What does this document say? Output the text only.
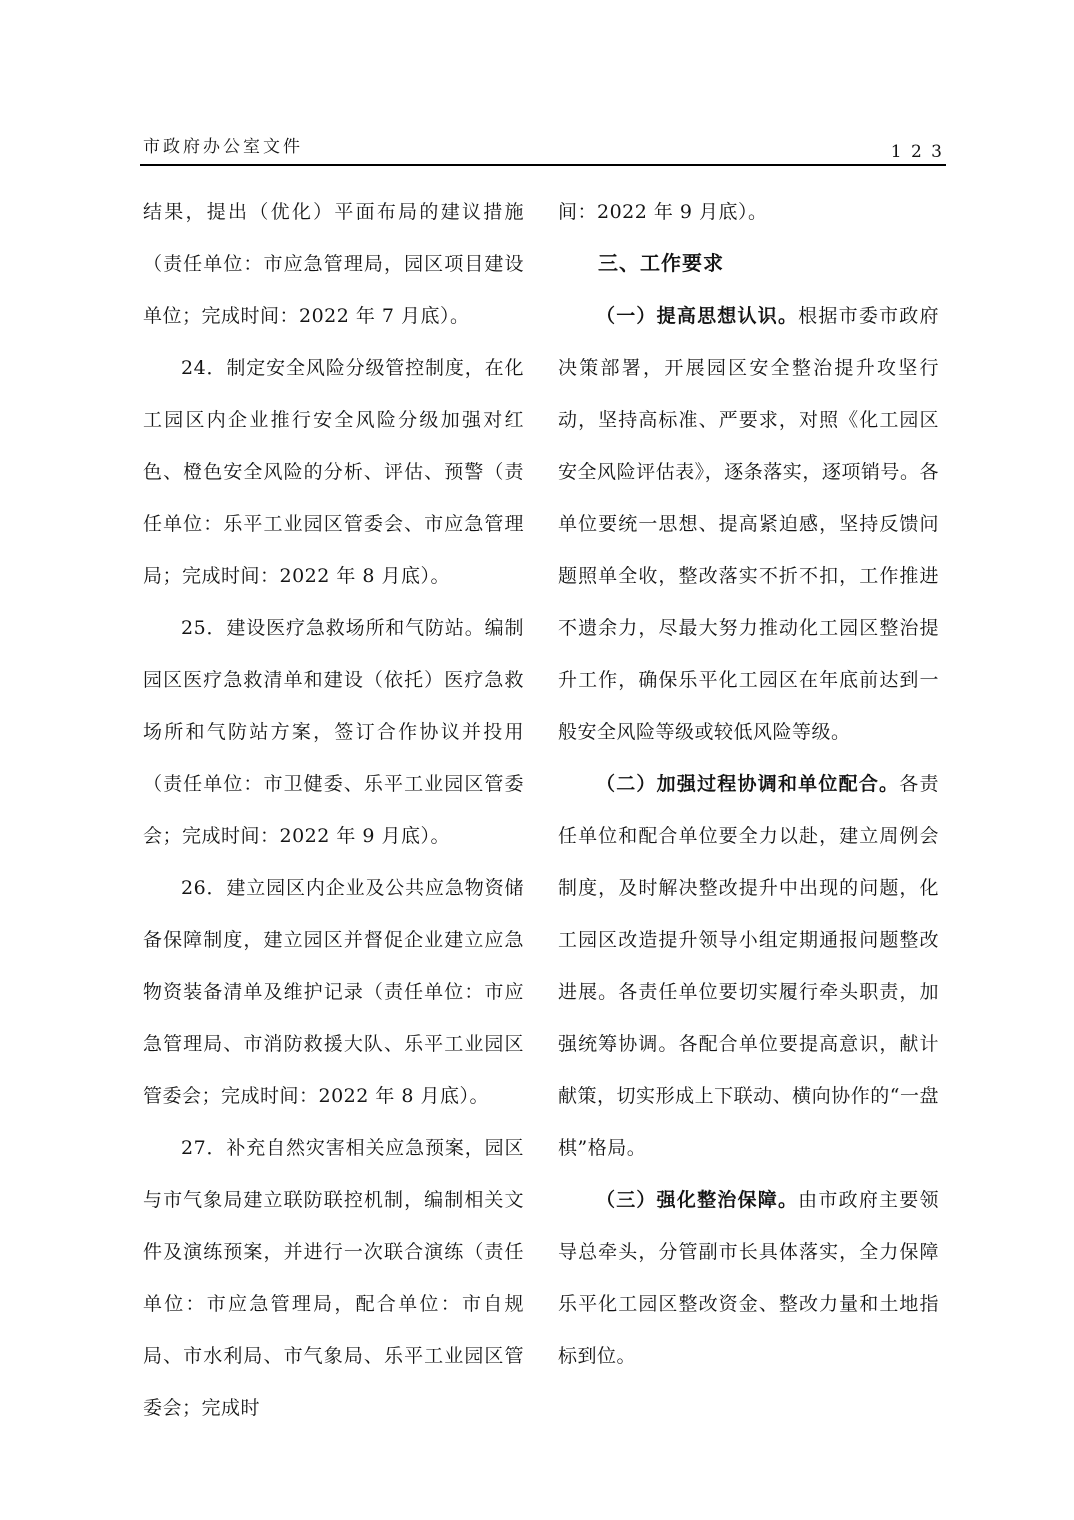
市政府办公室文件	1 2 3

结果，提出（优化）平面布局的建议措施（责任单位：市应急管理局，园区项目建设单位；完成时间：2022 年 7 月底）。

24．制定安全风险分级管控制度，在化工园区内企业推行安全风险分级加强对红色、橙色安全风险的分析、评估、预警（责任单位：乐平工业园区管委会、市应急管理局；完成时间：2022 年 8 月底）。

25．建设医疗急救场所和气防站。编制园区医疗急救清单和建设（依托）医疗急救场所和气防站方案，签订合作协议并投用（责任单位：市卫健委、乐平工业园区管委会；完成时间：2022 年 9 月底）。

26．建立园区内企业及公共应急物资储备保障制度，建立园区并督促企业建立应急物资装备清单及维护记录（责任单位：市应急管理局、市消防救援大队、乐平工业园区管委会；完成时间：2022 年 8 月底）。

27．补充自然灾害相关应急预案，园区与市气象局建立联防联控机制，编制相关文件及演练预案，并进行一次联合演练（责任单位：市应急管理局，配合单位：市自规局、市水利局、市气象局、乐平工业园区管委会；完成时

间：2022 年 9 月底）。

三、工作要求

（一）提高思想认识。根据市委市政府决策部署，开展园区安全整治提升攻坚行动，坚持高标准、严要求，对照《化工园区安全风险评估表》，逐条落实，逐项销号。各单位要统一思想、提高紧迫感，坚持反馈问题照单全收，整改落实不折不扣，工作推进不遗余力，尽最大努力推动化工园区整治提升工作，确保乐平化工园区在年底前达到一般安全风险等级或较低风险等级。

（二）加强过程协调和单位配合。各责任单位和配合单位要全力以赴，建立周例会制度，及时解决整改提升中出现的问题，化工园区改造提升领导小组定期通报问题整改进展。各责任单位要切实履行牵头职责，加强统筹协调。各配合单位要提高意识，献计献策，切实形成上下联动、横向协作的“一盘棋”格局。

（三）强化整治保障。由市政府主要领导总牵头，分管副市长具体落实，全力保障乐平化工园区整改资金、整改力量和土地指标到位。
